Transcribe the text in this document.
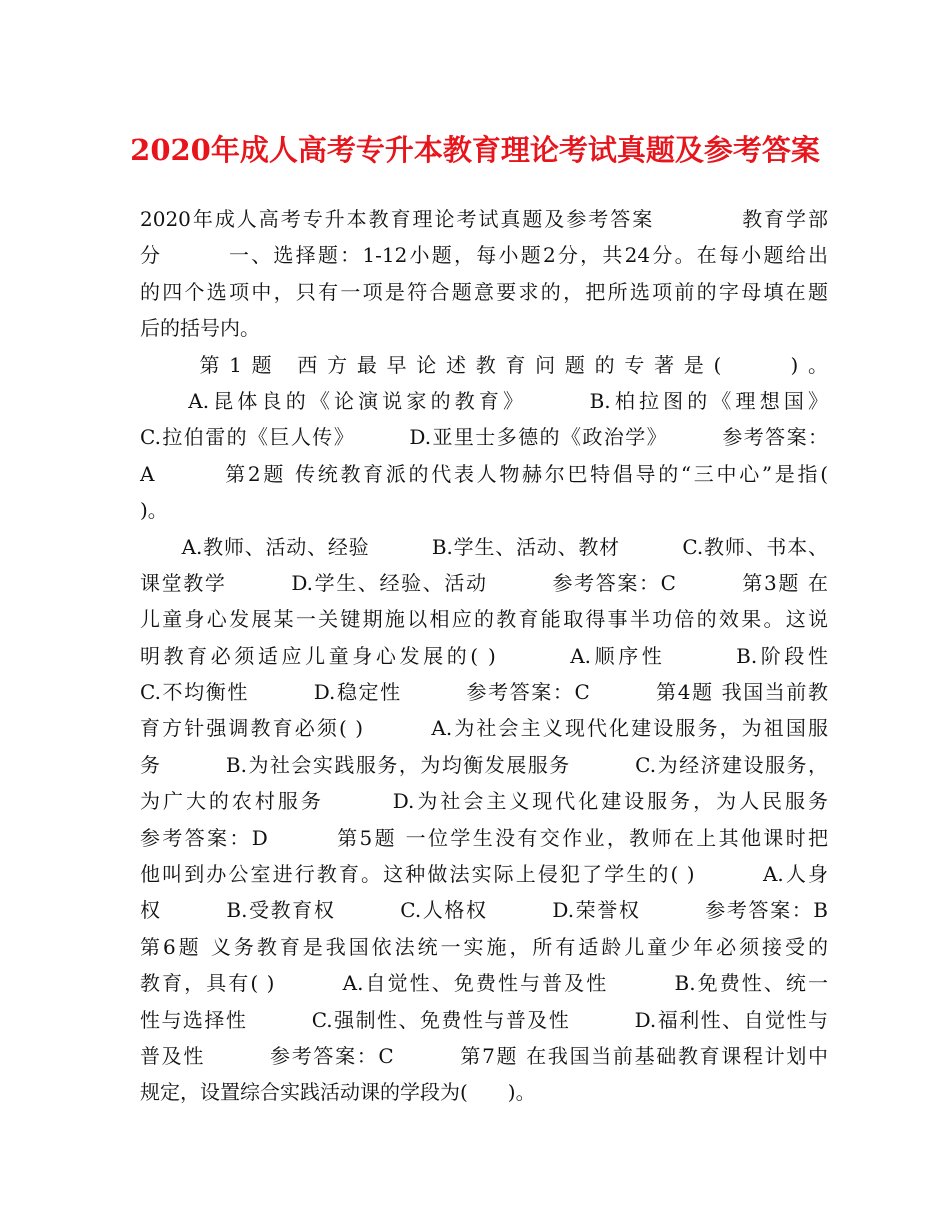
2020年成人高考专升本教育理论考试真题及参考答案
2020年成人高考专升本教育理论考试真题及参考答案　　　　教育学部
分　　　一、选择题：1-12小题，每小题2分，共24分。在每小题给出
的四个选项中，只有一项是符合题意要求的，把所选项前的字母填在题
后的括号内。
　　第1题 西方最早论述教育问题的专著是(　　)。
　　A.昆体良的《论演说家的教育》　　　B.柏拉图的《理想国》
C.拉伯雷的《巨人传》　　　D.亚里士多德的《政治学》　　　参考答案：
A　　　第2题 传统教育派的代表人物赫尔巴特倡导的“三中心”是指(
)。
　　A.教师、活动、经验　　　B.学生、活动、教材　　　C.教师、书本、
课堂教学　　　D.学生、经验、活动　　　参考答案：C　　　第3题 在
儿童身心发展某一关键期施以相应的教育能取得事半功倍的效果。这说
明教育必须适应儿童身心发展的( )　　　A.顺序性　　　B.阶段性
C.不均衡性　　　D.稳定性　　　参考答案：C　　　第4题 我国当前教
育方针强调教育必须( )　　　A.为社会主义现代化建设服务，为祖国服
务　　　B.为社会实践服务，为均衡发展服务　　　C.为经济建设服务，
为广大的农村服务　　　D.为社会主义现代化建设服务，为人民服务
参考答案：D　　　第5题 一位学生没有交作业，教师在上其他课时把
他叫到办公室进行教育。这种做法实际上侵犯了学生的( )　　　A.人身
权　　　B.受教育权　　　C.人格权　　　D.荣誉权　　　参考答案：B
第6题 义务教育是我国依法统一实施，所有适龄儿童少年必须接受的
教育，具有( )　　　A.自觉性、免费性与普及性　　　B.免费性、统一
性与选择性　　　C.强制性、免费性与普及性　　　D.福利性、自觉性与
普及性　　　参考答案：C　　　第7题 在我国当前基础教育课程计划中
规定，设置综合实践活动课的学段为(　　)。
